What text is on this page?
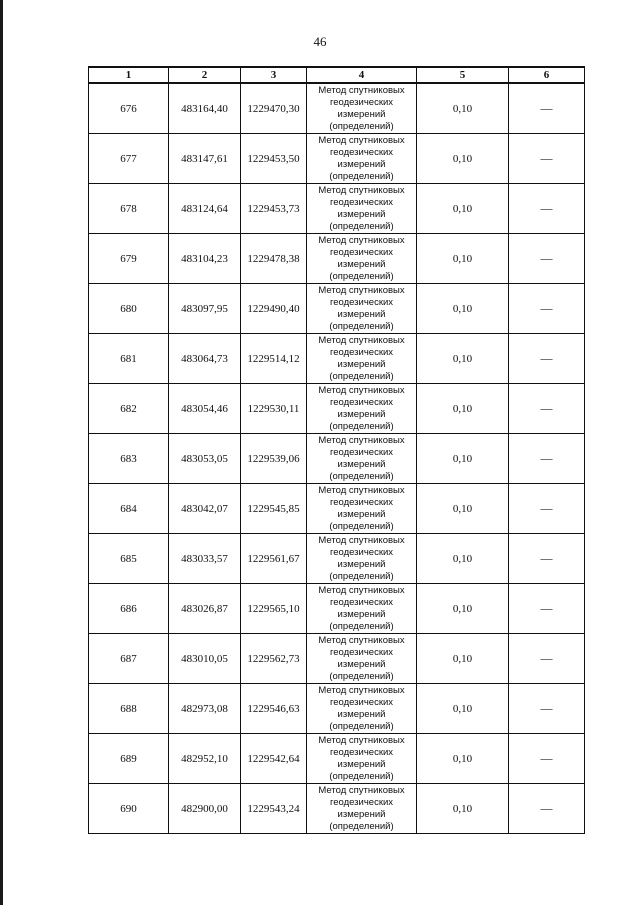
46
1	2	3	4	5	6
676	483164,40	1229470,30	Метод спутниковых
геодезических
измерений
(определений)	0,10	—
677	483147,61	1229453,50	Метод спутниковых
геодезических
измерений
(определений)	0,10	—
678	483124,64	1229453,73	Метод спутниковых
геодезических
измерений
(определений)	0,10	—
679	483104,23	1229478,38	Метод спутниковых
геодезических
измерений
(определений)	0,10	—
680	483097,95	1229490,40	Метод спутниковых
геодезических
измерений
(определений)	0,10	—
681	483064,73	1229514,12	Метод спутниковых
геодезических
измерений
(определений)	0,10	—
682	483054,46	1229530,11	Метод спутниковых
геодезических
измерений
(определений)	0,10	—
683	483053,05	1229539,06	Метод спутниковых
геодезических
измерений
(определений)	0,10	—
684	483042,07	1229545,85	Метод спутниковых
геодезических
измерений
(определений)	0,10	—
685	483033,57	1229561,67	Метод спутниковых
геодезических
измерений
(определений)	0,10	—
686	483026,87	1229565,10	Метод спутниковых
геодезических
измерений
(определений)	0,10	—
687	483010,05	1229562,73	Метод спутниковых
геодезических
измерений
(определений)	0,10	—
688	482973,08	1229546,63	Метод спутниковых
геодезических
измерений
(определений)	0,10	—
689	482952,10	1229542,64	Метод спутниковых
геодезических
измерений
(определений)	0,10	—
690	482900,00	1229543,24	Метод спутниковых
геодезических
измерений
(определений)	0,10	—
